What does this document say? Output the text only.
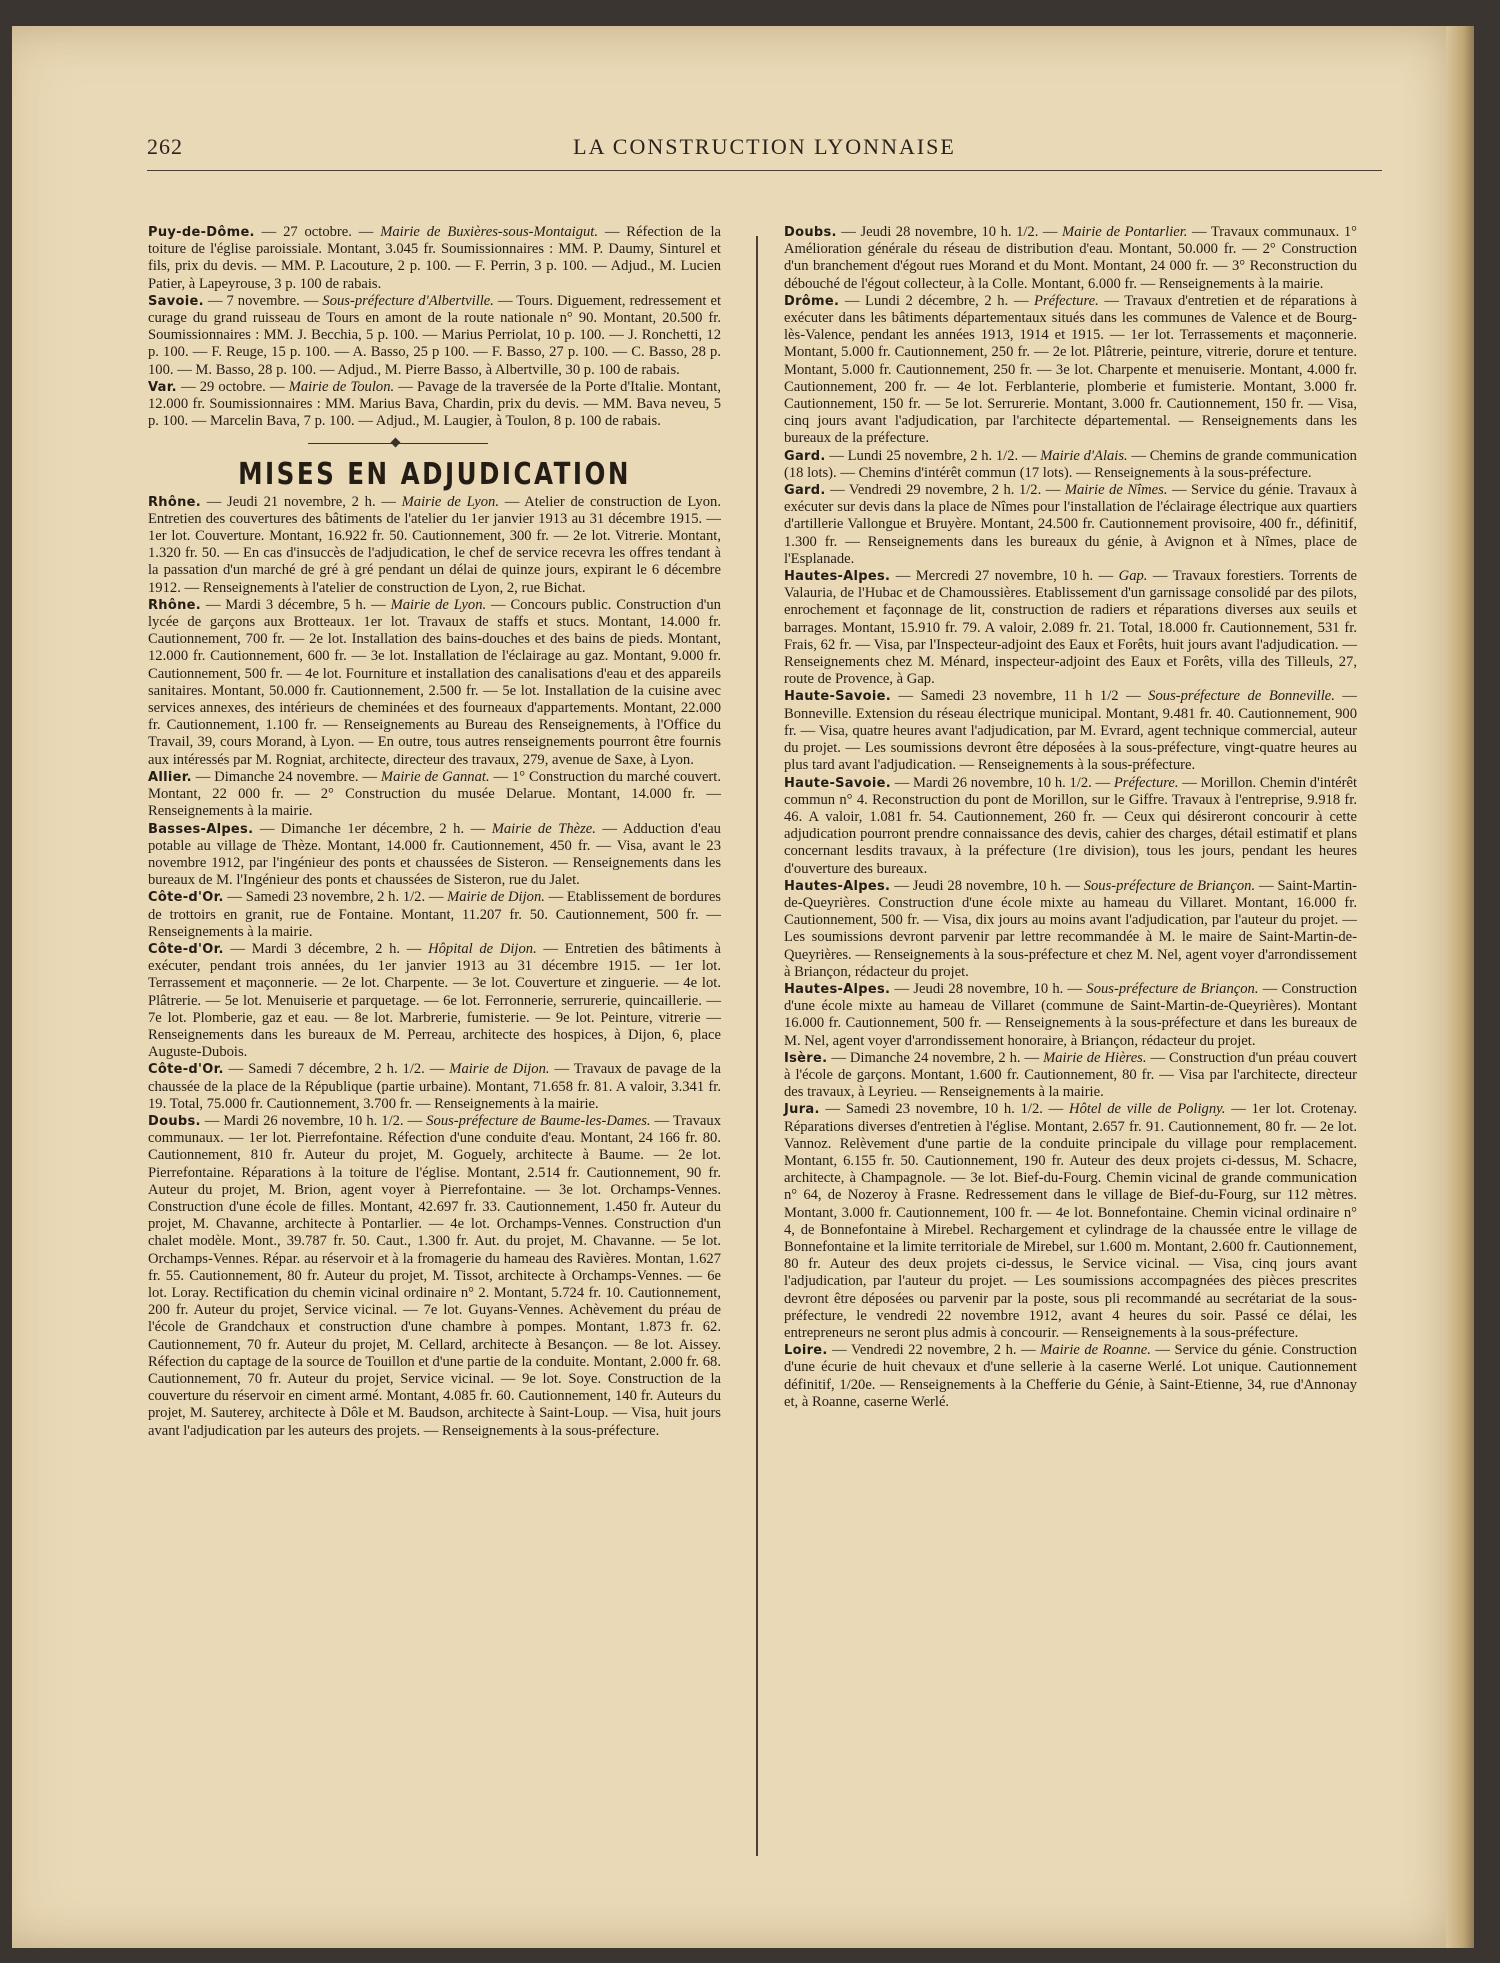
262	LA CONSTRUCTION LYONNAISE

Puy-de-Dôme. — 27 octobre. — Mairie de Buxières-sous-Montaigut. — Réfection de la toiture de l'église paroissiale. Montant, 3.045 fr. Soumissionnaires : MM. P. Daumy, Sinturel et fils, prix du devis. — MM. P. Lacouture, 2 p. 100. — F. Perrin, 3 p. 100. — Adjud., M. Lucien Patier, à Lapeyrouse, 3 p. 100 de rabais.

Savoie. — 7 novembre. — Sous-préfecture d'Albertville. — Tours. Diguement, redressement et curage du grand ruisseau de Tours en amont de la route nationale n° 90. Montant, 20.500 fr. Soumissionnaires : MM. J. Becchia, 5 p. 100. — Marius Perriolat, 10 p. 100. — J. Ronchetti, 12 p. 100. — F. Reuge, 15 p. 100. — A. Basso, 25 p 100. — F. Basso, 27 p. 100. — C. Basso, 28 p. 100. — M. Basso, 28 p. 100. — Adjud., M. Pierre Basso, à Albertville, 30 p. 100 de rabais.

Var. — 29 octobre. — Mairie de Toulon. — Pavage de la traversée de la Porte d'Italie. Montant, 12.000 fr. Soumissionnaires : MM. Marius Bava, Chardin, prix du devis. — MM. Bava neveu, 5 p. 100. — Marcelin Bava, 7 p. 100. — Adjud., M. Laugier, à Toulon, 8 p. 100 de rabais.

MISES EN ADJUDICATION

Rhône. — Jeudi 21 novembre, 2 h. — Mairie de Lyon. — Atelier de construction de Lyon. Entretien des couvertures des bâtiments de l'atelier du 1er janvier 1913 au 31 décembre 1915. — 1er lot. Couverture. Montant, 16.922 fr. 50. Cautionnement, 300 fr. — 2e lot. Vitrerie. Montant, 1.320 fr. 50. — En cas d'insuccès de l'adjudication, le chef de service recevra les offres tendant à la passation d'un marché de gré à gré pendant un délai de quinze jours, expirant le 6 décembre 1912. — Renseignements à l'atelier de construction de Lyon, 2, rue Bichat.

Rhône. — Mardi 3 décembre, 5 h. — Mairie de Lyon. — Concours public. Construction d'un lycée de garçons aux Brotteaux. 1er lot. Travaux de staffs et stucs. Montant, 14.000 fr. Cautionnement, 700 fr. — 2e lot. Installation des bains-douches et des bains de pieds. Montant, 12.000 fr. Cautionnement, 600 fr. — 3e lot. Installation de l'éclairage au gaz. Montant, 9.000 fr. Cautionnement, 500 fr. — 4e lot. Fourniture et installation des canalisations d'eau et des appareils sanitaires. Montant, 50.000 fr. Cautionnement, 2.500 fr. — 5e lot. Installation de la cuisine avec services annexes, des intérieurs de cheminées et des fourneaux d'appartements. Montant, 22.000 fr. Cautionnement, 1.100 fr. — Renseignements au Bureau des Renseignements, à l'Office du Travail, 39, cours Morand, à Lyon. — En outre, tous autres renseignements pourront être fournis aux intéressés par M. Rogniat, architecte, directeur des travaux, 279, avenue de Saxe, à Lyon.

Allier. — Dimanche 24 novembre. — Mairie de Gannat. — 1° Construction du marché couvert. Montant, 22 000 fr. — 2° Construction du musée Delarue. Montant, 14.000 fr. — Renseignements à la mairie.

Basses-Alpes. — Dimanche 1er décembre, 2 h. — Mairie de Thèze. — Adduction d'eau potable au village de Thèze. Montant, 14.000 fr. Cautionnement, 450 fr. — Visa, avant le 23 novembre 1912, par l'ingénieur des ponts et chaussées de Sisteron. — Renseignements dans les bureaux de M. l'Ingénieur des ponts et chaussées de Sisteron, rue du Jalet.

Côte-d'Or. — Samedi 23 novembre, 2 h. 1/2. — Mairie de Dijon. — Etablissement de bordures de trottoirs en granit, rue de Fontaine. Montant, 11.207 fr. 50. Cautionnement, 500 fr. — Renseignements à la mairie.

Côte-d'Or. — Mardi 3 décembre, 2 h. — Hôpital de Dijon. — Entretien des bâtiments à exécuter, pendant trois années, du 1er janvier 1913 au 31 décembre 1915. — 1er lot. Terrassement et maçonnerie. — 2e lot. Charpente. — 3e lot. Couverture et zinguerie. — 4e lot. Plâtrerie. — 5e lot. Menuiserie et parquetage. — 6e lot. Ferronnerie, serrurerie, quincaillerie. — 7e lot. Plomberie, gaz et eau. — 8e lot. Marbrerie, fumisterie. — 9e lot. Peinture, vitrerie — Renseignements dans les bureaux de M. Perreau, architecte des hospices, à Dijon, 6, place Auguste-Dubois.

Côte-d'Or. — Samedi 7 décembre, 2 h. 1/2. — Mairie de Dijon. — Travaux de pavage de la chaussée de la place de la République (partie urbaine). Montant, 71.658 fr. 81. A valoir, 3.341 fr. 19. Total, 75.000 fr. Cautionnement, 3.700 fr. — Renseignements à la mairie.

Doubs. — Mardi 26 novembre, 10 h. 1/2. — Sous-préfecture de Baume-les-Dames. — Travaux communaux. — 1er lot. Pierrefontaine. Réfection d'une conduite d'eau. Montant, 24 166 fr. 80. Cautionnement, 810 fr. Auteur du projet, M. Goguely, architecte à Baume. — 2e lot. Pierrefontaine. Réparations à la toiture de l'église. Montant, 2.514 fr. Cautionnement, 90 fr. Auteur du projet, M. Brion, agent voyer à Pierrefontaine. — 3e lot. Orchamps-Vennes. Construction d'une école de filles. Montant, 42.697 fr. 33. Cautionnement, 1.450 fr. Auteur du projet, M. Chavanne, architecte à Pontarlier. — 4e lot. Orchamps-Vennes. Construction d'un chalet modèle. Mont., 39.787 fr. 50. Caut., 1.300 fr. Aut. du projet, M. Chavanne. — 5e lot. Orchamps-Vennes. Répar. au réservoir et à la fromagerie du hameau des Ravières. Montan, 1.627 fr. 55. Cautionnement, 80 fr. Auteur du projet, M. Tissot, architecte à Orchamps-Vennes. — 6e lot. Loray. Rectification du chemin vicinal ordinaire n° 2. Montant, 5.724 fr. 10. Cautionnement, 200 fr. Auteur du projet, Service vicinal. — 7e lot. Guyans-Vennes. Achèvement du préau de l'école de Grandchaux et construction d'une chambre à pompes. Montant, 1.873 fr. 62. Cautionnement, 70 fr. Auteur du projet, M. Cellard, architecte à Besançon. — 8e lot. Aissey. Réfection du captage de la source de Touillon et d'une partie de la conduite. Montant, 2.000 fr. 68. Cautionnement, 70 fr. Auteur du projet, Service vicinal. — 9e lot. Soye. Construction de la couverture du réservoir en ciment armé. Montant, 4.085 fr. 60. Cautionnement, 140 fr. Auteurs du projet, M. Sauterey, architecte à Dôle et M. Baudson, architecte à Saint-Loup. — Visa, huit jours avant l'adjudication par les auteurs des projets. — Renseignements à la sous-préfecture.

Doubs. — Jeudi 28 novembre, 10 h. 1/2. — Mairie de Pontarlier. — Travaux communaux. 1° Amélioration générale du réseau de distribution d'eau. Montant, 50.000 fr. — 2° Construction d'un branchement d'égout rues Morand et du Mont. Montant, 24 000 fr. — 3° Reconstruction du débouché de l'égout collecteur, à la Colle. Montant, 6.000 fr. — Renseignements à la mairie.

Drôme. — Lundi 2 décembre, 2 h. — Préfecture. — Travaux d'entretien et de réparations à exécuter dans les bâtiments départementaux situés dans les communes de Valence et de Bourg-lès-Valence, pendant les années 1913, 1914 et 1915. — 1er lot. Terrassements et maçonnerie. Montant, 5.000 fr. Cautionnement, 250 fr. — 2e lot. Plâtrerie, peinture, vitrerie, dorure et tenture. Montant, 5.000 fr. Cautionnement, 250 fr. — 3e lot. Charpente et menuiserie. Montant, 4.000 fr. Cautionnement, 200 fr. — 4e lot. Ferblanterie, plomberie et fumisterie. Montant, 3.000 fr. Cautionnement, 150 fr. — 5e lot. Serrurerie. Montant, 3.000 fr. Cautionnement, 150 fr. — Visa, cinq jours avant l'adjudication, par l'architecte départemental. — Renseignements dans les bureaux de la préfecture.

Gard. — Lundi 25 novembre, 2 h. 1/2. — Mairie d'Alais. — Chemins de grande communication (18 lots). — Chemins d'intérêt commun (17 lots). — Renseignements à la sous-préfecture.

Gard. — Vendredi 29 novembre, 2 h. 1/2. — Mairie de Nîmes. — Service du génie. Travaux à exécuter sur devis dans la place de Nîmes pour l'installation de l'éclairage électrique aux quartiers d'artillerie Vallongue et Bruyère. Montant, 24.500 fr. Cautionnement provisoire, 400 fr., définitif, 1.300 fr. — Renseignements dans les bureaux du génie, à Avignon et à Nîmes, place de l'Esplanade.

Hautes-Alpes. — Mercredi 27 novembre, 10 h. — Gap. — Travaux forestiers. Torrents de Valauria, de l'Hubac et de Chamoussières. Etablissement d'un garnissage consolidé par des pilots, enrochement et façonnage de lit, construction de radiers et réparations diverses aux seuils et barrages. Montant, 15.910 fr. 79. A valoir, 2.089 fr. 21. Total, 18.000 fr. Cautionnement, 531 fr. Frais, 62 fr. — Visa, par l'Inspecteur-adjoint des Eaux et Forêts, huit jours avant l'adjudication. — Renseignements chez M. Ménard, inspecteur-adjoint des Eaux et Forêts, villa des Tilleuls, 27, route de Provence, à Gap.

Haute-Savoie. — Samedi 23 novembre, 11 h 1/2 — Sous-préfecture de Bonneville. — Bonneville. Extension du réseau électrique municipal. Montant, 9.481 fr. 40. Cautionnement, 900 fr. — Visa, quatre heures avant l'adjudication, par M. Evrard, agent technique commercial, auteur du projet. — Les soumissions devront être déposées à la sous-préfecture, vingt-quatre heures au plus tard avant l'adjudication. — Renseignements à la sous-préfecture.

Haute-Savoie. — Mardi 26 novembre, 10 h. 1/2. — Préfecture. — Morillon. Chemin d'intérêt commun n° 4. Reconstruction du pont de Morillon, sur le Giffre. Travaux à l'entreprise, 9.918 fr. 46. A valoir, 1.081 fr. 54. Cautionnement, 260 fr. — Ceux qui désireront concourir à cette adjudication pourront prendre connaissance des devis, cahier des charges, détail estimatif et plans concernant lesdits travaux, à la préfecture (1re division), tous les jours, pendant les heures d'ouverture des bureaux.

Hautes-Alpes. — Jeudi 28 novembre, 10 h. — Sous-préfecture de Briançon. — Saint-Martin-de-Queyrières. Construction d'une école mixte au hameau du Villaret. Montant, 16.000 fr. Cautionnement, 500 fr. — Visa, dix jours au moins avant l'adjudication, par l'auteur du projet. — Les soumissions devront parvenir par lettre recommandée à M. le maire de Saint-Martin-de-Queyrières. — Renseignements à la sous-préfecture et chez M. Nel, agent voyer d'arrondissement à Briançon, rédacteur du projet.

Hautes-Alpes. — Jeudi 28 novembre, 10 h. — Sous-préfecture de Briançon. — Construction d'une école mixte au hameau de Villaret (commune de Saint-Martin-de-Queyrières). Montant 16.000 fr. Cautionnement, 500 fr. — Renseignements à la sous-préfecture et dans les bureaux de M. Nel, agent voyer d'arrondissement honoraire, à Briançon, rédacteur du projet.

Isère. — Dimanche 24 novembre, 2 h. — Mairie de Hières. — Construction d'un préau couvert à l'école de garçons. Montant, 1.600 fr. Cautionnement, 80 fr. — Visa par l'architecte, directeur des travaux, à Leyrieu. — Renseignements à la mairie.

Jura. — Samedi 23 novembre, 10 h. 1/2. — Hôtel de ville de Poligny. — 1er lot. Crotenay. Réparations diverses d'entretien à l'église. Montant, 2.657 fr. 91. Cautionnement, 80 fr. — 2e lot. Vannoz. Relèvement d'une partie de la conduite principale du village pour remplacement. Montant, 6.155 fr. 50. Cautionnement, 190 fr. Auteur des deux projets ci-dessus, M. Schacre, architecte, à Champagnole. — 3e lot. Bief-du-Fourg. Chemin vicinal de grande communication n° 64, de Nozeroy à Frasne. Redressement dans le village de Bief-du-Fourg, sur 112 mètres. Montant, 3.000 fr. Cautionnement, 100 fr. — 4e lot. Bonnefontaine. Chemin vicinal ordinaire n° 4, de Bonnefontaine à Mirebel. Rechargement et cylindrage de la chaussée entre le village de Bonnefontaine et la limite territoriale de Mirebel, sur 1.600 m. Montant, 2.600 fr. Cautionnement, 80 fr. Auteur des deux projets ci-dessus, le Service vicinal. — Visa, cinq jours avant l'adjudication, par l'auteur du projet. — Les soumissions accompagnées des pièces prescrites devront être déposées ou parvenir par la poste, sous pli recommandé au secrétariat de la sous-préfecture, le vendredi 22 novembre 1912, avant 4 heures du soir. Passé ce délai, les entrepreneurs ne seront plus admis à concourir. — Renseignements à la sous-préfecture.

Loire. — Vendredi 22 novembre, 2 h. — Mairie de Roanne. — Service du génie. Construction d'une écurie de huit chevaux et d'une sellerie à la caserne Werlé. Lot unique. Cautionnement définitif, 1/20e. — Renseignements à la Chefferie du Génie, à Saint-Etienne, 34, rue d'Annonay et, à Roanne, caserne Werlé.
